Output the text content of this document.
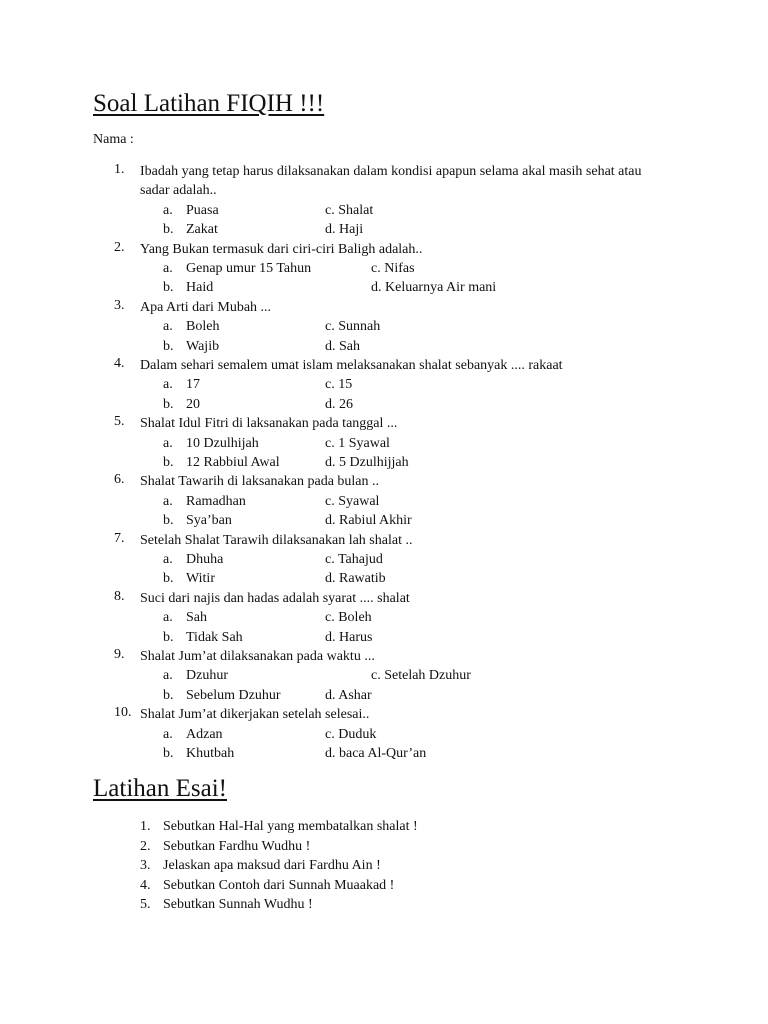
Soal Latihan FIQIH !!!
Nama :
1.	Ibadah yang tetap harus dilaksanakan dalam kondisi apapun selama akal masih sehat atau sadar adalah..
a. Puasa	c. Shalat
b. Zakat	d. Haji
2.	Yang Bukan termasuk dari ciri-ciri Baligh adalah..
a. Genap umur 15 Tahun	c. Nifas
b. Haid	d. Keluarnya Air mani
3.	Apa Arti dari Mubah ...
a. Boleh	c. Sunnah
b. Wajib	d. Sah
4.	Dalam sehari semalem umat islam melaksanakan shalat sebanyak .... rakaat
a. 17	c. 15
b. 20	d. 26
5.	Shalat Idul Fitri di laksanakan pada tanggal ...
a. 10 Dzulhijah	c. 1 Syawal
b. 12 Rabbiul Awal	d. 5 Dzulhijjah
6.	Shalat Tawarih di laksanakan pada bulan ..
a. Ramadhan	c. Syawal
b. Sya’ban	d. Rabiul Akhir
7.	Setelah Shalat Tarawih dilaksanakan lah shalat ..
a. Dhuha	c. Tahajud
b. Witir	d. Rawatib
8.	Suci dari najis dan hadas adalah syarat .... shalat
a. Sah	c. Boleh
b. Tidak Sah	d. Harus
9.	Shalat Jum’at dilaksanakan pada waktu ...
a. Dzuhur	c. Setelah Dzuhur
b. Sebelum Dzuhur	d. Ashar
10. Shalat Jum’at dikerjakan setelah selesai..
a. Adzan	c. Duduk
b. Khutbah	d. baca Al-Qur’an
Latihan Esai!
1. Sebutkan Hal-Hal yang membatalkan shalat !
2. Sebutkan Fardhu Wudhu !
3. Jelaskan apa maksud dari Fardhu Ain !
4. Sebutkan Contoh dari Sunnah Muaakad !
5. Sebutkan Sunnah Wudhu !
